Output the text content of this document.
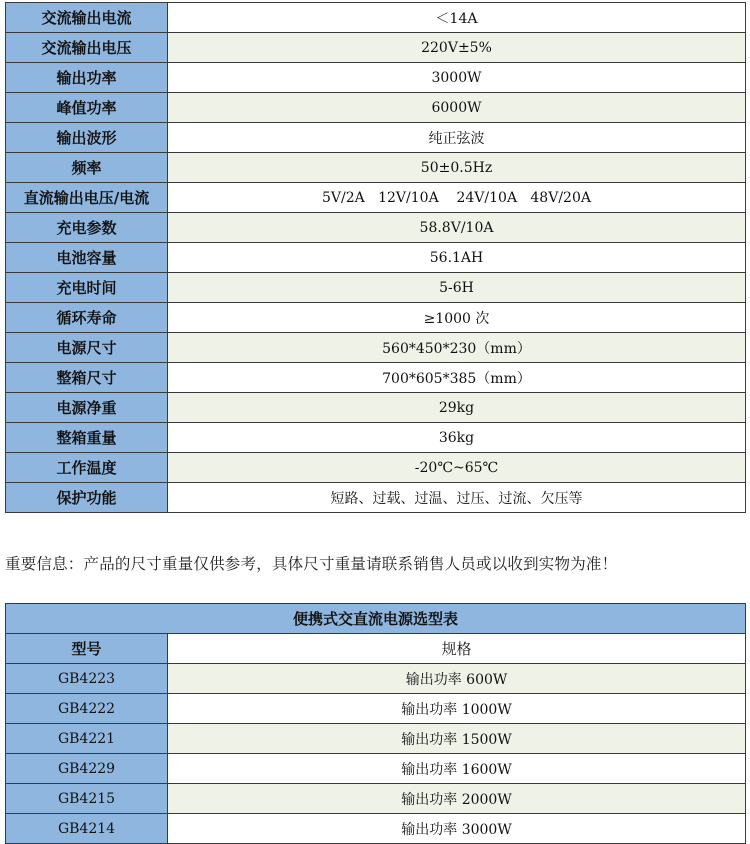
交流输出电流	＜14A
交流输出电压	220V±5%
输出功率	3000W
峰值功率	6000W
输出波形	纯正弦波
频率	50±0.5Hz
直流输出电压/电流	5V/2A   12V/10A    24V/10A   48V/20A
充电参数	58.8V/10A
电池容量	56.1AH
充电时间	5-6H
循环寿命	≥1000 次
电源尺寸	560*450*230（mm）
整箱尺寸	700*605*385（mm）
电源净重	29kg
整箱重量	36kg
工作温度	-20℃~65℃
保护功能	短路、过载、过温、过压、过流、欠压等
重要信息：产品的尺寸重量仅供参考，具体尺寸重量请联系销售人员或以收到实物为准！
便携式交直流电源选型表	
型号	规格
GB4223	输出功率 600W
GB4222	输出功率 1000W
GB4221	输出功率 1500W
GB4229	输出功率 1600W
GB4215	输出功率 2000W
GB4214	输出功率 3000W
